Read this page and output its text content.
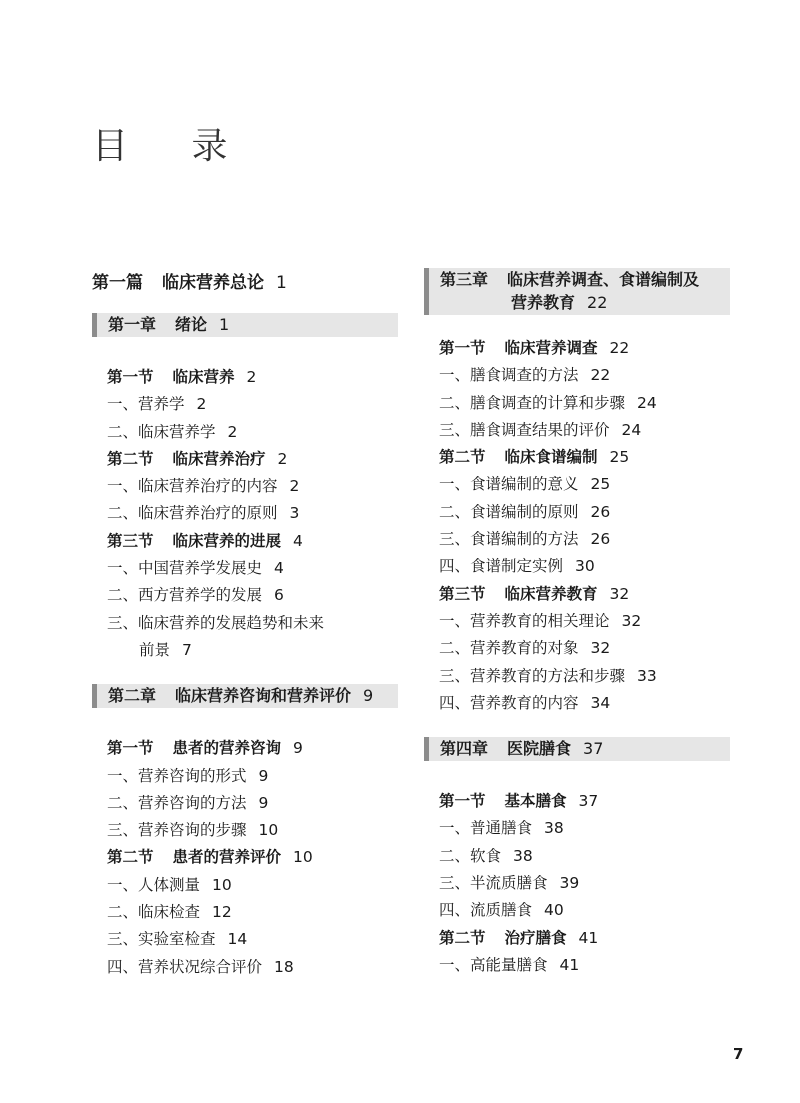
目 录
第一篇 临床营养总论 1
第一章 绪论 1
第一节 临床营养 2
一、营养学 2
二、临床营养学 2
第二节 临床营养治疗 2
一、临床营养治疗的内容 2
二、临床营养治疗的原则 3
第三节 临床营养的进展 4
一、中国营养学发展史 4
二、西方营养学的发展 6
三、临床营养的发展趋势和未来
前景 7
第二章 临床营养咨询和营养评价 9
第一节 患者的营养咨询 9
一、营养咨询的形式 9
二、营养咨询的方法 9
三、营养咨询的步骤 10
第二节 患者的营养评价 10
一、人体测量 10
二、临床检查 12
三、实验室检查 14
四、营养状况综合评价 18
第三章 临床营养调查、食谱编制及
营养教育 22
第一节 临床营养调查 22
一、膳食调查的方法 22
二、膳食调查的计算和步骤 24
三、膳食调查结果的评价 24
第二节 临床食谱编制 25
一、食谱编制的意义 25
二、食谱编制的原则 26
三、食谱编制的方法 26
四、食谱制定实例 30
第三节 临床营养教育 32
一、营养教育的相关理论 32
二、营养教育的对象 32
三、营养教育的方法和步骤 33
四、营养教育的内容 34
第四章 医院膳食 37
第一节 基本膳食 37
一、普通膳食 38
二、软食 38
三、半流质膳食 39
四、流质膳食 40
第二节 治疗膳食 41
一、高能量膳食 41
7
